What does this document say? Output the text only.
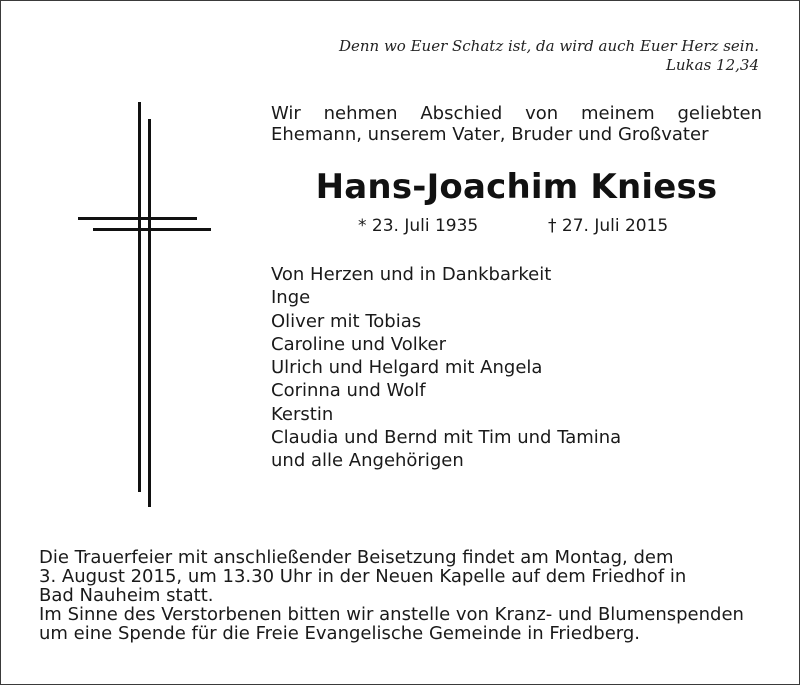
Denn wo Euer Schatz ist, da wird auch Euer Herz sein.
Lukas 12,34
Wir nehmen Abschied von meinem geliebten
Ehemann, unserem Vater, Bruder und Großvater
Hans-Joachim Kniess
* 23. Juli 1935	† 27. Juli 2015
Von Herzen und in Dankbarkeit
Inge
Oliver mit Tobias
Caroline und Volker
Ulrich und Helgard mit Angela
Corinna und Wolf
Kerstin
Claudia und Bernd mit Tim und Tamina
und alle Angehörigen
Die Trauerfeier mit anschließender Beisetzung findet am Montag, dem
3. August 2015, um 13.30 Uhr in der Neuen Kapelle auf dem Friedhof in
Bad Nauheim statt.
Im Sinne des Verstorbenen bitten wir anstelle von Kranz- und Blumenspenden
um eine Spende für die Freie Evangelische Gemeinde in Friedberg.
